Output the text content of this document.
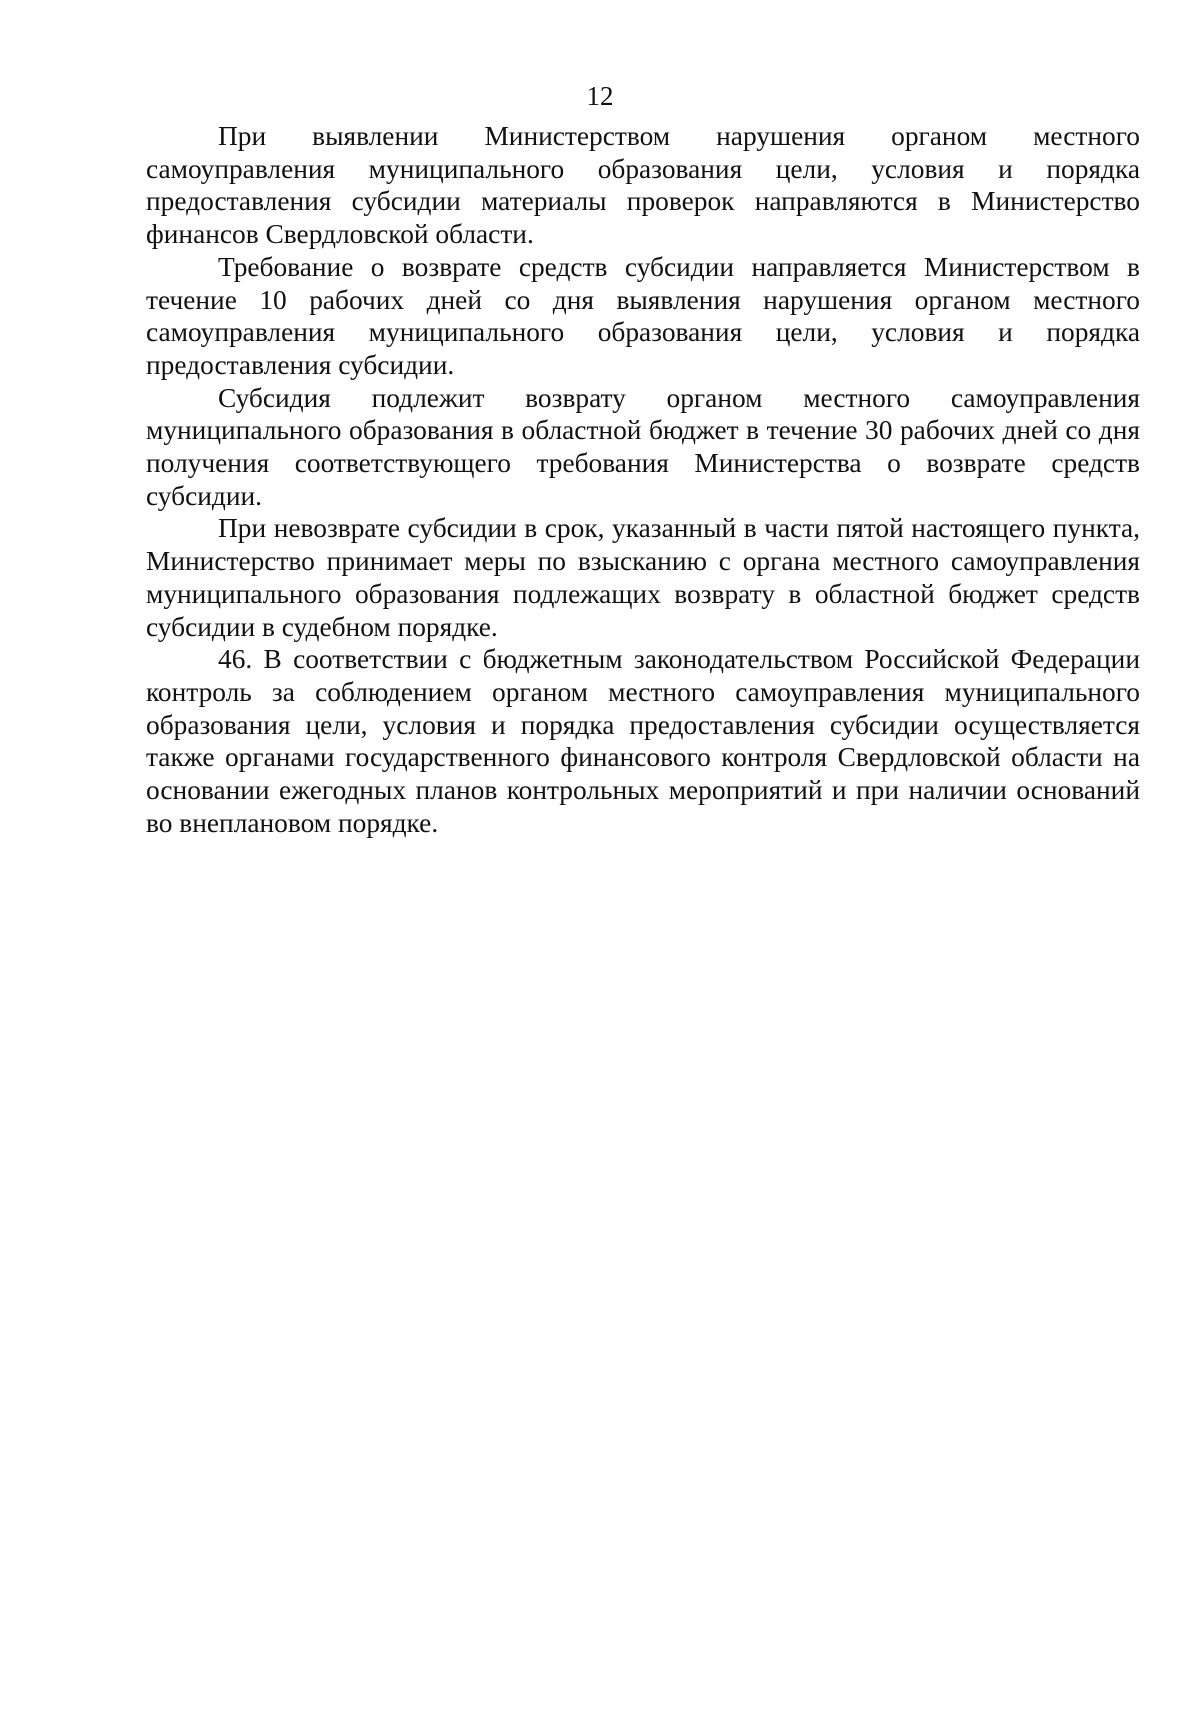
12

При выявлении Министерством нарушения органом местного самоуправления муниципального образования цели, условия и порядка предоставления субсидии материалы проверок направляются в Министерство финансов Свердловской области.

Требование о возврате средств субсидии направляется Министерством в течение 10 рабочих дней со дня выявления нарушения органом местного самоуправления муниципального образования цели, условия и порядка предоставления субсидии.

Субсидия подлежит возврату органом местного самоуправления муниципального образования в областной бюджет в течение 30 рабочих дней со дня получения соответствующего требования Министерства о возврате средств субсидии.

При невозврате субсидии в срок, указанный в части пятой настоящего пункта, Министерство принимает меры по взысканию с органа местного самоуправления муниципального образования подлежащих возврату в областной бюджет средств субсидии в судебном порядке.

46. В соответствии с бюджетным законодательством Российской Федерации контроль за соблюдением органом местного самоуправления муниципального образования цели, условия и порядка предоставления субсидии осуществляется также органами государственного финансового контроля Свердловской области на основании ежегодных планов контрольных мероприятий и при наличии оснований во внеплановом порядке.
